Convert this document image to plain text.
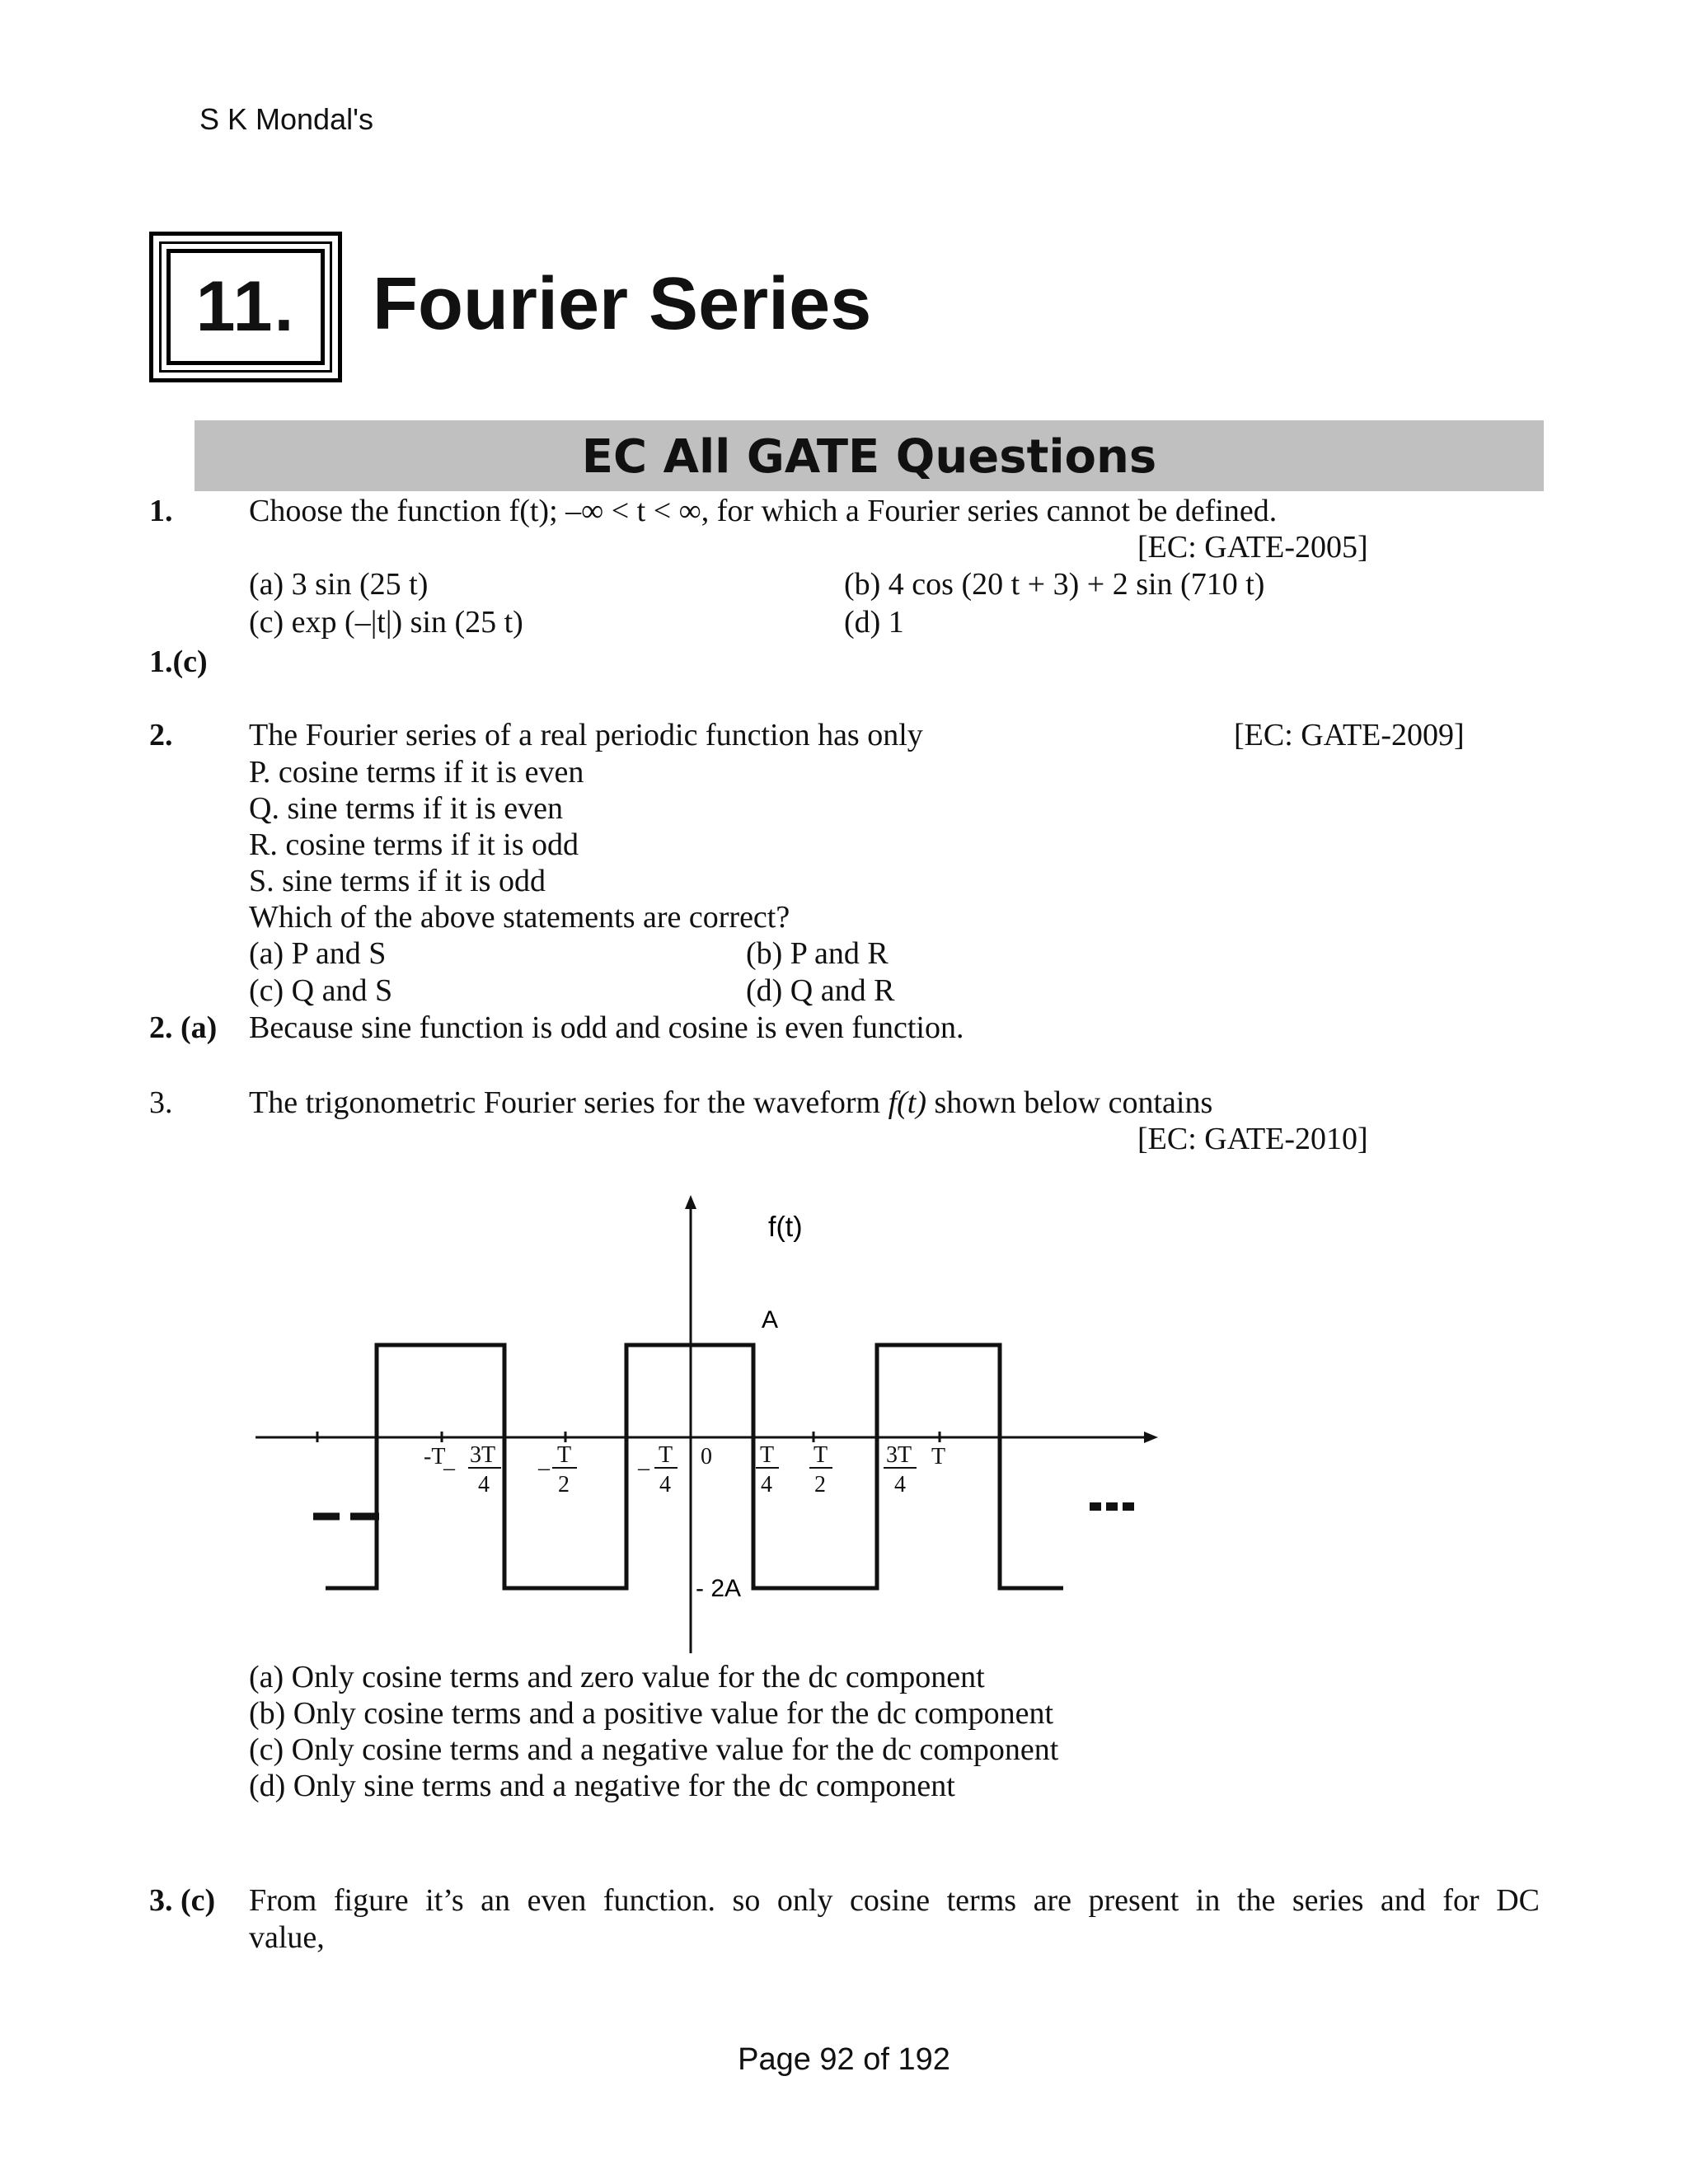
S K Mondal's
11. Fourier Series
EC All GATE Questions
1. Choose the function f(t); –∞ < t < ∞, for which a Fourier series cannot be defined.
[EC: GATE-2005]
(a) 3 sin (25 t)	(b) 4 cos (20 t + 3) + 2 sin (710 t)
(c) exp (–|t|) sin (25 t)	(d) 1
1.(c)
2. The Fourier series of a real periodic function has only	[EC: GATE-2009]
P. cosine terms if it is even
Q. sine terms if it is even
R. cosine terms if it is odd
S. sine terms if it is odd
Which of the above statements are correct?
(a) P and S	(b) P and R
(c) Q and S	(d) Q and R
2. (a) Because sine function is odd and cosine is even function.
3. The trigonometric Fourier series for the waveform f(t) shown below contains
[EC: GATE-2010]
f(t)
A
- 2A
-T
–
3T
4
–
T
2
–
T
4
0 T
4
T
2
3T
4
T
(a) Only cosine terms and zero value for the dc component
(b) Only cosine terms and a positive value for the dc component
(c) Only cosine terms and a negative value for the dc component
(d) Only sine terms and a negative for the dc component
3. (c) From figure it’s an even function. so only cosine terms are present in the series and for DC
value,
Page 92 of 192
